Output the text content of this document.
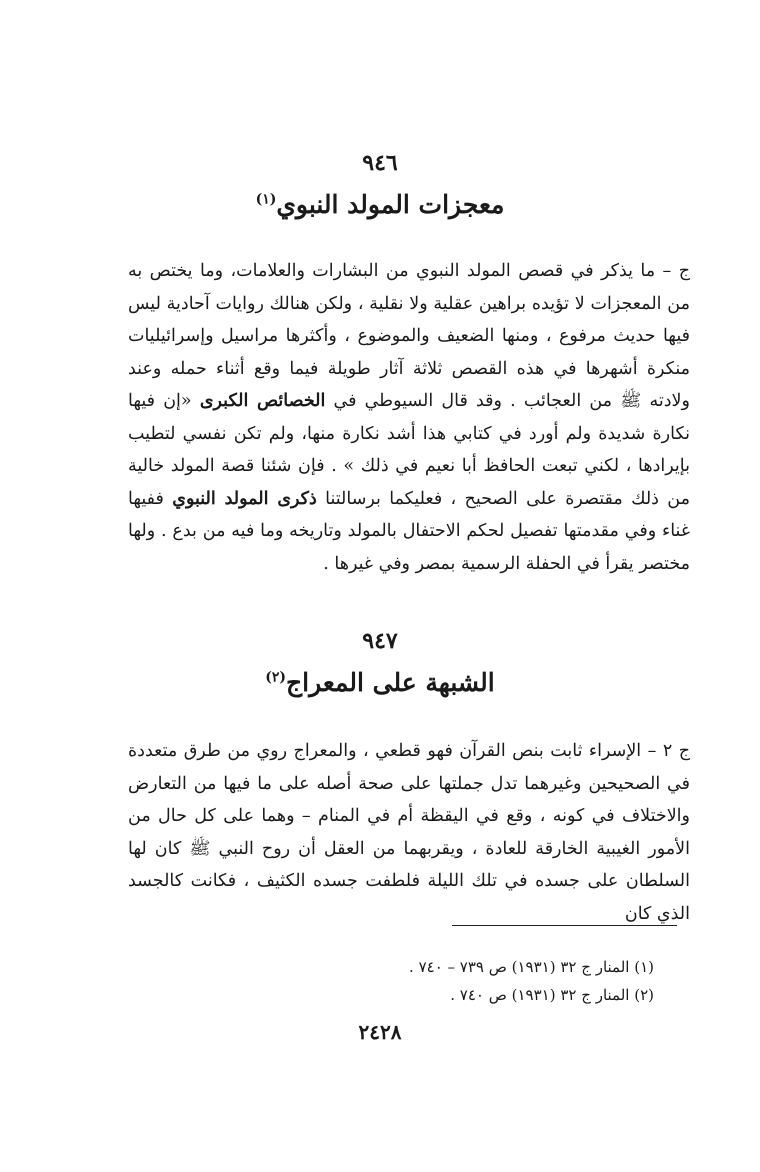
٩٤٦
معجزات المولد النبوي$^{(١)}$
ج – ما يذكر في قصص المولد النبوي من البشارات والعلامات، وما يختص به من المعجزات لا تؤيده براهين عقلية ولا نقلية ، ولكن هنالك روايات آحادية ليس فيها حديث مرفوع ، ومنها الضعيف والموضوع ، وأكثرها مراسيل وإسرائيليات منكرة أشهرها في هذه القصص ثلاثة آثار طويلة فيما وقع أثناء حمله وعند ولادته ﷺ من العجائب . وقد قال السيوطي في الخصائص الكبرى «إن فيها نكارة شديدة ولم أورد في كتابي هذا أشد نكارة منها، ولم تكن نفسي لتطيب بإيرادها ، لكني تبعت الحافظ أبا نعيم في ذلك » . فإن شئنا قصة المولد خالية من ذلك مقتصرة على الصحيح ، فعليكما برسالتنا ذكرى المولد النبوي ففيها غناء وفي مقدمتها تفصيل لحكم الاحتفال بالمولد وتاريخه وما فيه من بدع . ولها مختصر يقرأ في الحفلة الرسمية بمصر وفي غيرها .
٩٤٧
الشبهة على المعراج$^{(٢)}$
ج ٢ – الإسراء ثابت بنص القرآن فهو قطعي ، والمعراج روي من طرق متعددة في الصحيحين وغيرهما تدل جملتها على صحة أصله على ما فيها من التعارض والاختلاف في كونه ، وقع في اليقظة أم في المنام – وهما على كل حال من الأمور الغيبية الخارقة للعادة ، ويقربهما من العقل أن روح النبي ﷺ كان لها السلطان على جسده في تلك الليلة فلطفت جسده الكثيف ، فكانت كالجسد الذي كان
(١) المنار ج ٣٢ (١٩٣١) ص ٧٣٩ – ٧٤٠ .
(٢) المنار ج ٣٢ (١٩٣١) ص ٧٤٠ .
٢٤٢٨
